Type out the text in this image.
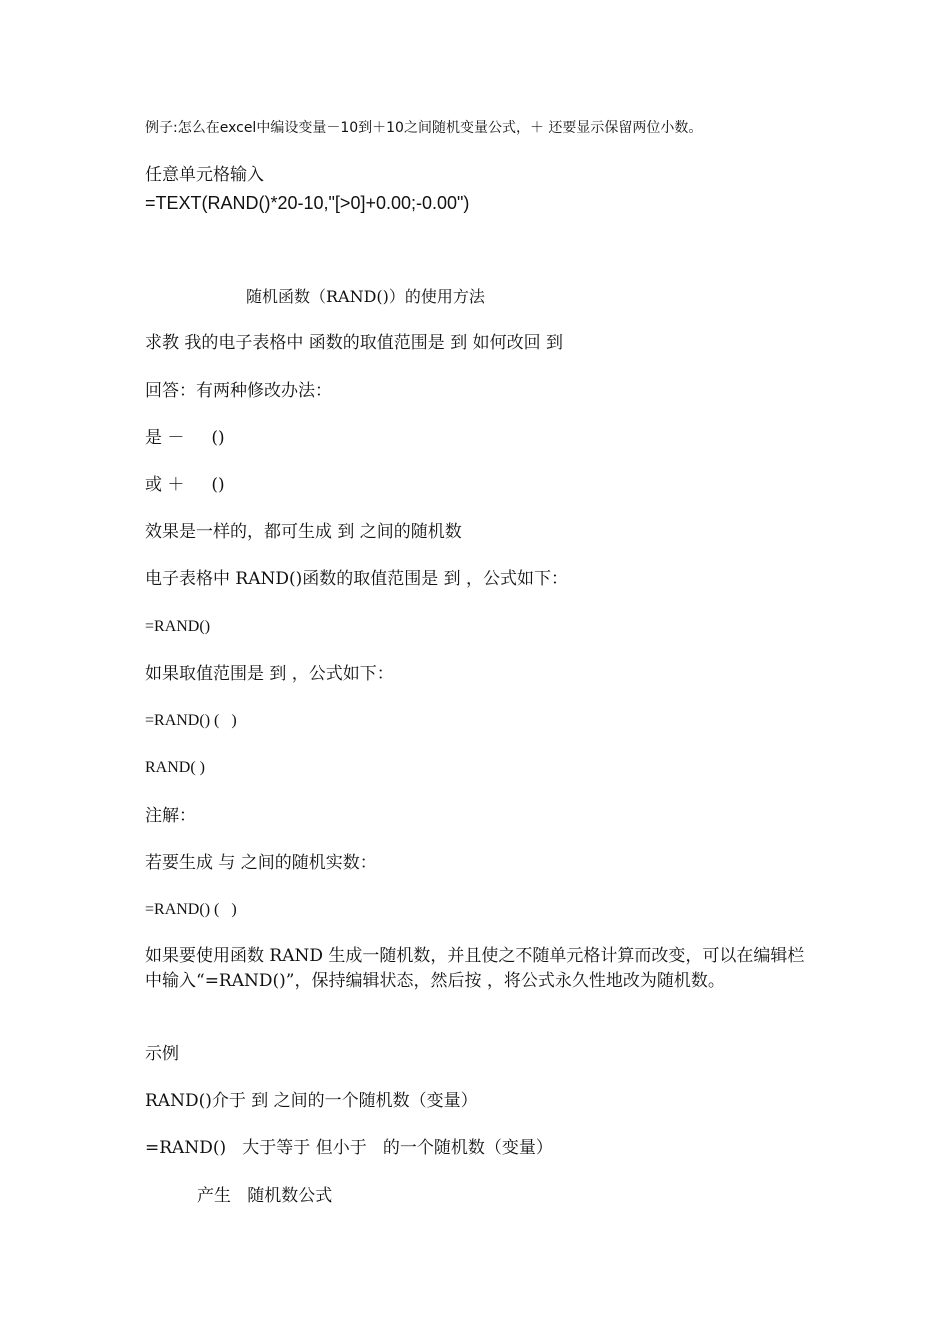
例子:怎么在excel中编设变量－10到＋10之间随机变量公式，＋ 还要显示保留两位小数。
任意单元格输入
=TEXT(RAND()*20-10,"[>0]+0.00;-0.00")
随机函数（RAND()）的使用方法
求教 我的电子表格中 函数的取值范围是 到 如何改回 到
回答：有两种修改办法：
是 －     ()
或 ＋     ()
效果是一样的，都可生成 到 之间的随机数
电子表格中 RAND()函数的取值范围是 到 ，公式如下：
=RAND()
如果取值范围是 到 ，公式如下：
=RAND() (   )
RAND( )
注解：
若要生成 与 之间的随机实数：
=RAND() (   )
如果要使用函数 RAND 生成一随机数，并且使之不随单元格计算而改变，可以在编辑栏中输入“=RAND()”，保持编辑状态，然后按 ，将公式永久性地改为随机数。
示例
RAND()介于 到 之间的一个随机数（变量）
=RAND()   大于等于 但小于   的一个随机数（变量）
产生   随机数公式
